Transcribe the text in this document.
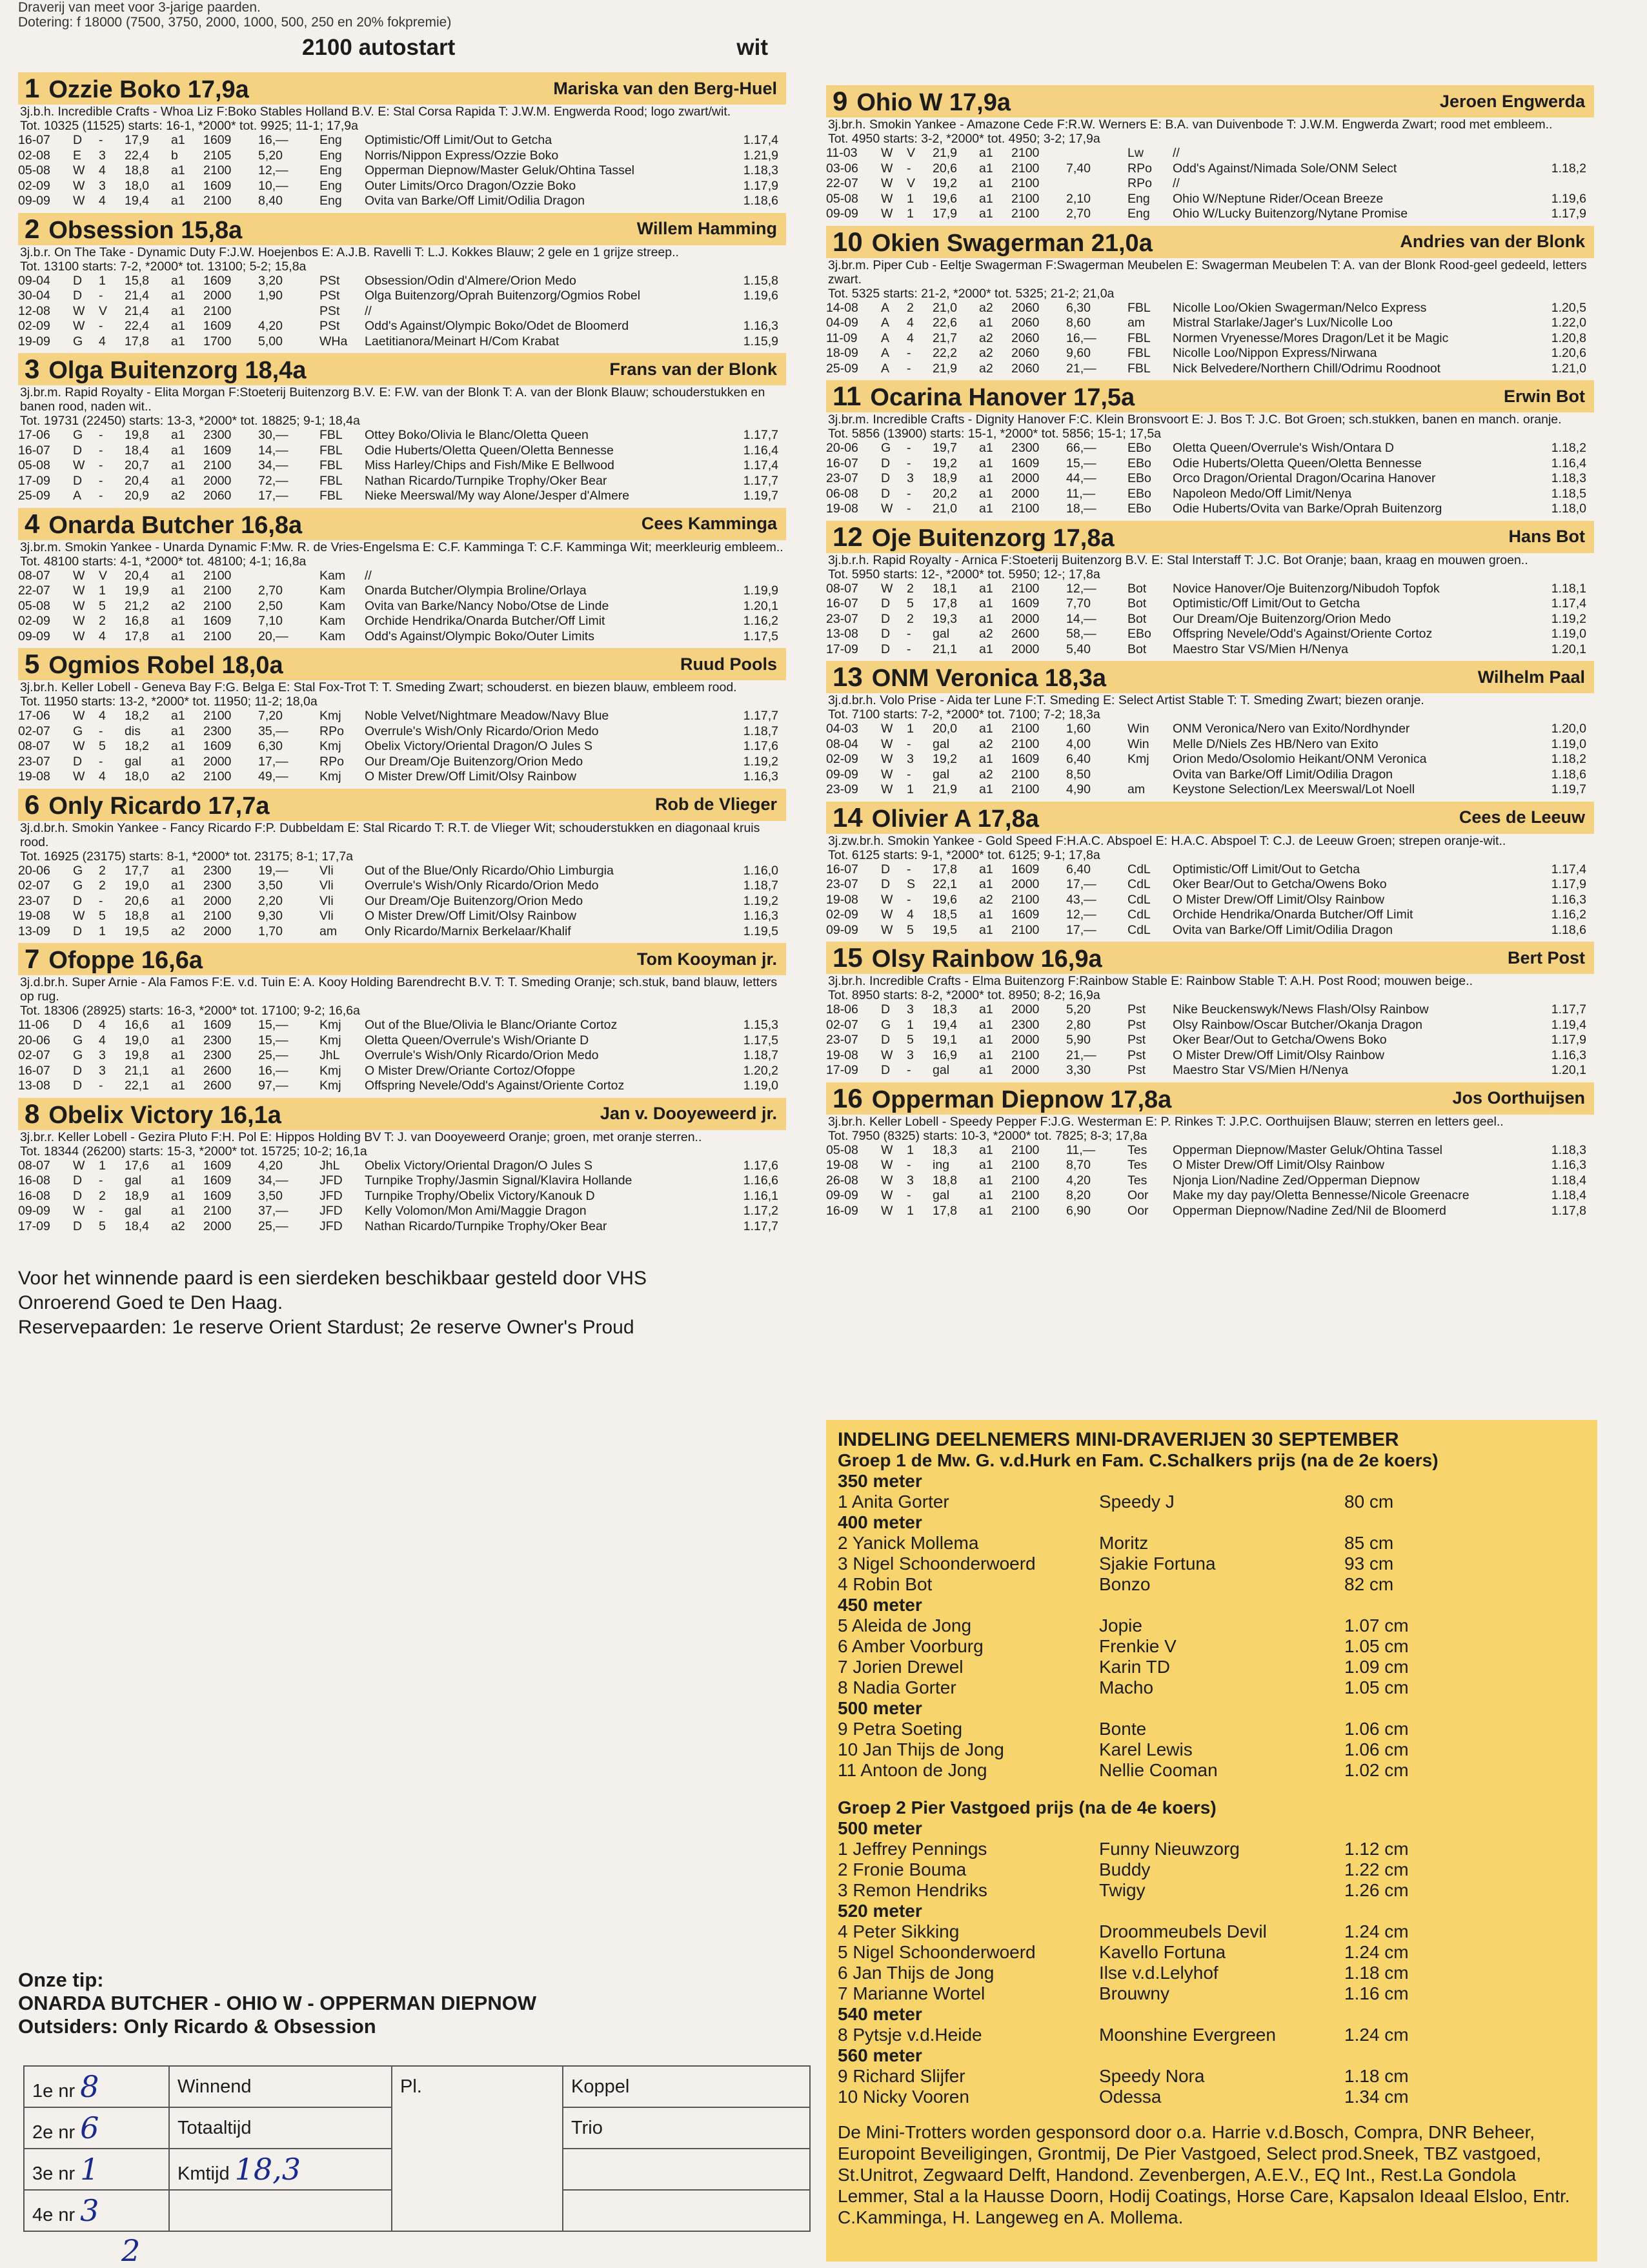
Draverij van meet voor 3-jarige paarden.
Dotering: f 18000 (7500, 3750, 2000, 1000, 500, 250 en 20% fokpremie)
2100 autostart	wit
1 Ozzie Boko 17,9a	Mariska van den Berg-Huel
3j.b.h. Incredible Crafts - Whoa Liz F:Boko Stables Holland B.V. E: Stal Corsa Rapida T: J.W.M. Engwerda Rood; logo zwart/wit.
Tot. 10325 (11525) starts: 16-1, *2000* tot. 9925; 11-1; 17,9a
16-07	D	-	17,9	a1	1609	16,—	Eng	Optimistic/Off Limit/Out to Getcha	1.17,4
02-08	E	3	22,4	b	2105	5,20	Eng	Norris/Nippon Express/Ozzie Boko	1.21,9
05-08	W	4	18,8	a1	2100	12,—	Eng	Opperman Diepnow/Master Geluk/Ohtina Tassel	1.18,3
02-09	W	3	18,0	a1	1609	10,—	Eng	Outer Limits/Orco Dragon/Ozzie Boko	1.17,9
09-09	W	4	19,4	a1	2100	8,40	Eng	Ovita van Barke/Off Limit/Odilia Dragon	1.18,6
2 Obsession 15,8a	Willem Hamming
3j.b.r. On The Take - Dynamic Duty F:J.W. Hoejenbos E: A.J.B. Ravelli T: L.J. Kokkes Blauw; 2 gele en 1 grijze streep..
Tot. 13100 starts: 7-2, *2000* tot. 13100; 5-2; 15,8a
09-04	D	1	15,8	a1	1609	3,20	PSt	Obsession/Odin d'Almere/Orion Medo	1.15,8
30-04	D	-	21,4	a1	2000	1,90	PSt	Olga Buitenzorg/Oprah Buitenzorg/Ogmios Robel	1.19,6
12-08	W	V	21,4	a1	2100		PSt	//	
02-09	W	-	22,4	a1	1609	4,20	PSt	Odd's Against/Olympic Boko/Odet de Bloomerd	1.16,3
19-09	G	4	17,8	a1	1700	5,00	WHa	Laetitianora/Meinart H/Com Krabat	1.15,9
3 Olga Buitenzorg 18,4a	Frans van der Blonk
3j.br.m. Rapid Royalty - Elita Morgan F:Stoeterij Buitenzorg B.V. E: F.W. van der Blonk T: A. van der Blonk Blauw; schouderstukken en banen rood, naden wit..
Tot. 19731 (22450) starts: 13-3, *2000* tot. 18825; 9-1; 18,4a
17-06	G	-	19,8	a1	2300	30,—	FBL	Ottey Boko/Olivia le Blanc/Oletta Queen	1.17,7
16-07	D	-	18,4	a1	1609	14,—	FBL	Odie Huberts/Oletta Queen/Oletta Bennesse	1.16,4
05-08	W	-	20,7	a1	2100	34,—	FBL	Miss Harley/Chips and Fish/Mike E Bellwood	1.17,4
17-09	D	-	20,4	a1	2000	72,—	FBL	Nathan Ricardo/Turnpike Trophy/Oker Bear	1.17,7
25-09	A	-	20,9	a2	2060	17,—	FBL	Nieke Meerswal/My way Alone/Jesper d'Almere	1.19,7
4 Onarda Butcher 16,8a	Cees Kamminga
3j.br.m. Smokin Yankee - Unarda Dynamic F:Mw. R. de Vries-Engelsma E: C.F. Kamminga T: C.F. Kamminga Wit; meerkleurig embleem..
Tot. 48100 starts: 4-1, *2000* tot. 48100; 4-1; 16,8a
08-07	W	V	20,4	a1	2100		Kam	//	
22-07	W	1	19,9	a1	2100	2,70	Kam	Onarda Butcher/Olympia Broline/Orlaya	1.19,9
05-08	W	5	21,2	a2	2100	2,50	Kam	Ovita van Barke/Nancy Nobo/Otse de Linde	1.20,1
02-09	W	2	16,8	a1	1609	7,10	Kam	Orchide Hendrika/Onarda Butcher/Off Limit	1.16,2
09-09	W	4	17,8	a1	2100	20,—	Kam	Odd's Against/Olympic Boko/Outer Limits	1.17,5
5 Ogmios Robel 18,0a	Ruud Pools
3j.br.h. Keller Lobell - Geneva Bay F:G. Belga E: Stal Fox-Trot T: T. Smeding Zwart; schouderst. en biezen blauw, embleem rood.
Tot. 11950 starts: 13-2, *2000* tot. 11950; 11-2; 18,0a
17-06	W	4	18,2	a1	2100	7,20	Kmj	Noble Velvet/Nightmare Meadow/Navy Blue	1.17,7
02-07	G	-	dis	a1	2300	35,—	RPo	Overrule's Wish/Only Ricardo/Orion Medo	1.18,7
08-07	W	5	18,2	a1	1609	6,30	Kmj	Obelix Victory/Oriental Dragon/O Jules S	1.17,6
23-07	D	-	gal	a1	2000	17,—	RPo	Our Dream/Oje Buitenzorg/Orion Medo	1.19,2
19-08	W	4	18,0	a2	2100	49,—	Kmj	O Mister Drew/Off Limit/Olsy Rainbow	1.16,3
6 Only Ricardo 17,7a	Rob de Vlieger
3j.d.br.h. Smokin Yankee - Fancy Ricardo F:P. Dubbeldam E: Stal Ricardo T: R.T. de Vlieger Wit; schouderstukken en diagonaal kruis rood.
Tot. 16925 (23175) starts: 8-1, *2000* tot. 23175; 8-1; 17,7a
20-06	G	2	17,7	a1	2300	19,—	Vli	Out of the Blue/Only Ricardo/Ohio Limburgia	1.16,0
02-07	G	2	19,0	a1	2300	3,50	Vli	Overrule's Wish/Only Ricardo/Orion Medo	1.18,7
23-07	D	-	20,6	a1	2000	2,20	Vli	Our Dream/Oje Buitenzorg/Orion Medo	1.19,2
19-08	W	5	18,8	a1	2100	9,30	Vli	O Mister Drew/Off Limit/Olsy Rainbow	1.16,3
13-09	D	1	19,5	a2	2000	1,70	am	Only Ricardo/Marnix Berkelaar/Khalif	1.19,5
7 Ofoppe 16,6a	Tom Kooyman jr.
3j.d.br.h. Super Arnie - Ala Famos F:E. v.d. Tuin E: A. Kooy Holding Barendrecht B.V. T: T. Smeding Oranje; sch.stuk, band blauw, letters op rug.
Tot. 18306 (28925) starts: 16-3, *2000* tot. 17100; 9-2; 16,6a
11-06	D	4	16,6	a1	1609	15,—	Kmj	Out of the Blue/Olivia le Blanc/Oriante Cortoz	1.15,3
20-06	G	4	19,0	a1	2300	15,—	Kmj	Oletta Queen/Overrule's Wish/Oriante D	1.17,5
02-07	G	3	19,8	a1	2300	25,—	JhL	Overrule's Wish/Only Ricardo/Orion Medo	1.18,7
16-07	D	3	21,1	a1	2600	16,—	Kmj	O Mister Drew/Oriante Cortoz/Ofoppe	1.20,2
13-08	D	-	22,1	a1	2600	97,—	Kmj	Offspring Nevele/Odd's Against/Oriente Cortoz	1.19,0
8 Obelix Victory 16,1a	Jan v. Dooyeweerd jr.
3j.br.r. Keller Lobell - Gezira Pluto F:H. Pol E: Hippos Holding BV T: J. van Dooyeweerd Oranje; groen, met oranje sterren..
Tot. 18344 (26200) starts: 15-3, *2000* tot. 15725; 10-2; 16,1a
08-07	W	1	17,6	a1	1609	4,20	JhL	Obelix Victory/Oriental Dragon/O Jules S	1.17,6
16-08	D	-	gal	a1	1609	34,—	JFD	Turnpike Trophy/Jasmin Signal/Klavira Hollande	1.16,6
16-08	D	2	18,9	a1	1609	3,50	JFD	Turnpike Trophy/Obelix Victory/Kanouk D	1.16,1
09-09	W	-	gal	a1	2100	37,—	JFD	Kelly Volomon/Mon Ami/Maggie Dragon	1.17,2
17-09	D	5	18,4	a2	2000	25,—	JFD	Nathan Ricardo/Turnpike Trophy/Oker Bear	1.17,7
Voor het winnende paard is een sierdeken beschikbaar gesteld door VHS
Onroerend Goed te Den Haag.
Reservepaarden: 1e reserve Orient Stardust; 2e reserve Owner's Proud
Onze tip:
ONARDA BUTCHER - OHIO W - OPPERMAN DIEPNOW
Outsiders: Only Ricardo & Obsession
1e nr 8	Winnend	Pl.	Koppel
2e nr 6	Totaaltijd		Trio
3e nr 1	Kmtijd 18,3		
4e nr 3			
2
9 Ohio W 17,9a	Jeroen Engwerda
3j.br.h. Smokin Yankee - Amazone Cede F:R.W. Werners E: B.A. van Duivenbode T: J.W.M. Engwerda Zwart; rood met embleem..
Tot. 4950 starts: 3-2, *2000* tot. 4950; 3-2; 17,9a
11-03	W	V	21,9	a1	2100		Lw	//	
03-06	W	-	20,6	a1	2100	7,40	RPo	Odd's Against/Nimada Sole/ONM Select	1.18,2
22-07	W	V	19,2	a1	2100		RPo	//	
05-08	W	1	19,6	a1	2100	2,10	Eng	Ohio W/Neptune Rider/Ocean Breeze	1.19,6
09-09	W	1	17,9	a1	2100	2,70	Eng	Ohio W/Lucky Buitenzorg/Nytane Promise	1.17,9
10 Okien Swagerman 21,0a	Andries van der Blonk
3j.br.m. Piper Cub - Eeltje Swagerman F:Swagerman Meubelen E: Swagerman Meubelen T: A. van der Blonk Rood-geel gedeeld, letters zwart.
Tot. 5325 starts: 21-2, *2000* tot. 5325; 21-2; 21,0a
14-08	A	2	21,0	a2	2060	6,30	FBL	Nicolle Loo/Okien Swagerman/Nelco Express	1.20,5
04-09	A	4	22,6	a1	2060	8,60	am	Mistral Starlake/Jager's Lux/Nicolle Loo	1.22,0
11-09	A	4	21,7	a2	2060	16,—	FBL	Normen Vryenesse/Mores Dragon/Let it be Magic	1.20,8
18-09	A	-	22,2	a2	2060	9,60	FBL	Nicolle Loo/Nippon Express/Nirwana	1.20,6
25-09	A	-	21,9	a2	2060	21,—	FBL	Nick Belvedere/Northern Chill/Odrimu Roodnoot	1.21,0
11 Ocarina Hanover 17,5a	Erwin Bot
3j.br.m. Incredible Crafts - Dignity Hanover F:C. Klein Bronsvoort E: J. Bos T: J.C. Bot Groen; sch.stukken, banen en manch. oranje.
Tot. 5856 (13900) starts: 15-1, *2000* tot. 5856; 15-1; 17,5a
20-06	G	-	19,7	a1	2300	66,—	EBo	Oletta Queen/Overrule's Wish/Ontara D	1.18,2
16-07	D	-	19,2	a1	1609	15,—	EBo	Odie Huberts/Oletta Queen/Oletta Bennesse	1.16,4
23-07	D	3	18,9	a1	2000	44,—	EBo	Orco Dragon/Oriental Dragon/Ocarina Hanover	1.18,3
06-08	D	-	20,2	a1	2000	11,—	EBo	Napoleon Medo/Off Limit/Nenya	1.18,5
19-08	W	-	21,0	a1	2100	18,—	EBo	Odie Huberts/Ovita van Barke/Oprah Buitenzorg	1.18,0
12 Oje Buitenzorg 17,8a	Hans Bot
3j.b.r.h. Rapid Royalty - Arnica F:Stoeterij Buitenzorg B.V. E: Stal Interstaff T: J.C. Bot Oranje; baan, kraag en mouwen groen..
Tot. 5950 starts: 12-, *2000* tot. 5950; 12-; 17,8a
08-07	W	2	18,1	a1	2100	12,—	Bot	Novice Hanover/Oje Buitenzorg/Nibudoh Topfok	1.18,1
16-07	D	5	17,8	a1	1609	7,70	Bot	Optimistic/Off Limit/Out to Getcha	1.17,4
23-07	D	2	19,3	a1	2000	14,—	Bot	Our Dream/Oje Buitenzorg/Orion Medo	1.19,2
13-08	D	-	gal	a2	2600	58,—	EBo	Offspring Nevele/Odd's Against/Oriente Cortoz	1.19,0
17-09	D	-	21,1	a1	2000	5,40	Bot	Maestro Star VS/Mien H/Nenya	1.20,1
13 ONM Veronica 18,3a	Wilhelm Paal
3j.d.br.h. Volo Prise - Aida ter Lune F:T. Smeding E: Select Artist Stable T: T. Smeding Zwart; biezen oranje.
Tot. 7100 starts: 7-2, *2000* tot. 7100; 7-2; 18,3a
04-03	W	1	20,0	a1	2100	1,60	Win	ONM Veronica/Nero van Exito/Nordhynder	1.20,0
08-04	W	-	gal	a2	2100	4,00	Win	Melle D/Niels Zes HB/Nero van Exito	1.19,0
02-09	W	3	19,2	a1	1609	6,40	Kmj	Orion Medo/Osolomio Heikant/ONM Veronica	1.18,2
09-09	W	-	gal	a2	2100	8,50		Ovita van Barke/Off Limit/Odilia Dragon	1.18,6
23-09	W	1	21,9	a1	2100	4,90	am	Keystone Selection/Lex Meerswal/Lot Noell	1.19,7
14 Olivier A 17,8a	Cees de Leeuw
3j.zw.br.h. Smokin Yankee - Gold Speed F:H.A.C. Abspoel E: H.A.C. Abspoel T: C.J. de Leeuw Groen; strepen oranje-wit..
Tot. 6125 starts: 9-1, *2000* tot. 6125; 9-1; 17,8a
16-07	D	-	17,8	a1	1609	6,40	CdL	Optimistic/Off Limit/Out to Getcha	1.17,4
23-07	D	S	22,1	a1	2000	17,—	CdL	Oker Bear/Out to Getcha/Owens Boko	1.17,9
19-08	W	-	19,6	a2	2100	43,—	CdL	O Mister Drew/Off Limit/Olsy Rainbow	1.16,3
02-09	W	4	18,5	a1	1609	12,—	CdL	Orchide Hendrika/Onarda Butcher/Off Limit	1.16,2
09-09	W	5	19,5	a1	2100	17,—	CdL	Ovita van Barke/Off Limit/Odilia Dragon	1.18,6
15 Olsy Rainbow 16,9a	Bert Post
3j.br.h. Incredible Crafts - Elma Buitenzorg F:Rainbow Stable E: Rainbow Stable T: A.H. Post Rood; mouwen beige..
Tot. 8950 starts: 8-2, *2000* tot. 8950; 8-2; 16,9a
18-06	D	3	18,3	a1	2000	5,20	Pst	Nike Beuckenswyk/News Flash/Olsy Rainbow	1.17,7
02-07	G	1	19,4	a1	2300	2,80	Pst	Olsy Rainbow/Oscar Butcher/Okanja Dragon	1.19,4
23-07	D	5	19,1	a1	2000	5,90	Pst	Oker Bear/Out to Getcha/Owens Boko	1.17,9
19-08	W	3	16,9	a1	2100	21,—	Pst	O Mister Drew/Off Limit/Olsy Rainbow	1.16,3
17-09	D	-	gal	a1	2000	3,30	Pst	Maestro Star VS/Mien H/Nenya	1.20,1
16 Opperman Diepnow 17,8a	Jos Oorthuijsen
3j.br.h. Keller Lobell - Speedy Pepper F:J.G. Westerman E: P. Rinkes T: J.P.C. Oorthuijsen Blauw; sterren en letters geel..
Tot. 7950 (8325) starts: 10-3, *2000* tot. 7825; 8-3; 17,8a
05-08	W	1	18,3	a1	2100	11,—	Tes	Opperman Diepnow/Master Geluk/Ohtina Tassel	1.18,3
19-08	W	-	ing	a1	2100	8,70	Tes	O Mister Drew/Off Limit/Olsy Rainbow	1.16,3
26-08	W	3	18,8	a1	2100	4,20	Tes	Njonja Lion/Nadine Zed/Opperman Diepnow	1.18,4
09-09	W	-	gal	a1	2100	8,20	Oor	Make my day pay/Oletta Bennesse/Nicole Greenacre	1.18,4
16-09	W	1	17,8	a1	2100	6,90	Oor	Opperman Diepnow/Nadine Zed/Nil de Bloomerd	1.17,8
INDELING DEELNEMERS MINI-DRAVERIJEN 30 SEPTEMBER
Groep 1 de Mw. G. v.d.Hurk en Fam. C.Schalkers prijs (na de 2e koers)
350 meter
1 Anita Gorter	Speedy J	80 cm
400 meter
2 Yanick Mollema	Moritz	85 cm
3 Nigel Schoonderwoerd	Sjakie Fortuna	93 cm
4 Robin Bot	Bonzo	82 cm
450 meter
5 Aleida de Jong	Jopie	1.07 cm
6 Amber Voorburg	Frenkie V	1.05 cm
7 Jorien Drewel	Karin TD	1.09 cm
8 Nadia Gorter	Macho	1.05 cm
500 meter
9 Petra Soeting	Bonte	1.06 cm
10 Jan Thijs de Jong	Karel Lewis	1.06 cm
11 Antoon de Jong	Nellie Cooman	1.02 cm
Groep 2 Pier Vastgoed prijs (na de 4e koers)
500 meter
1 Jeffrey Pennings	Funny Nieuwzorg	1.12 cm
2 Fronie Bouma	Buddy	1.22 cm
3 Remon Hendriks	Twigy	1.26 cm
520 meter
4 Peter Sikking	Droommeubels Devil	1.24 cm
5 Nigel Schoonderwoerd	Kavello Fortuna	1.24 cm
6 Jan Thijs de Jong	Ilse v.d.Lelyhof	1.18 cm
7 Marianne Wortel	Brouwny	1.16 cm
540 meter
8 Pytsje v.d.Heide	Moonshine Evergreen	1.24 cm
560 meter
9 Richard Slijfer	Speedy Nora	1.18 cm
10 Nicky Vooren	Odessa	1.34 cm
De Mini-Trotters worden gesponsord door o.a. Harrie v.d.Bosch, Compra, DNR Beheer, Europoint Beveiligingen, Grontmij, De Pier Vastgoed, Select prod.Sneek, TBZ vastgoed, St.Unitrot, Zegwaard Delft, Handond. Zevenbergen, A.E.V., EQ Int., Rest.La Gondola Lemmer, Stal a la Hausse Doorn, Hodij Coatings, Horse Care, Kapsalon Ideaal Elsloo, Entr. C.Kamminga, H. Langeweg en A. Mollema.
